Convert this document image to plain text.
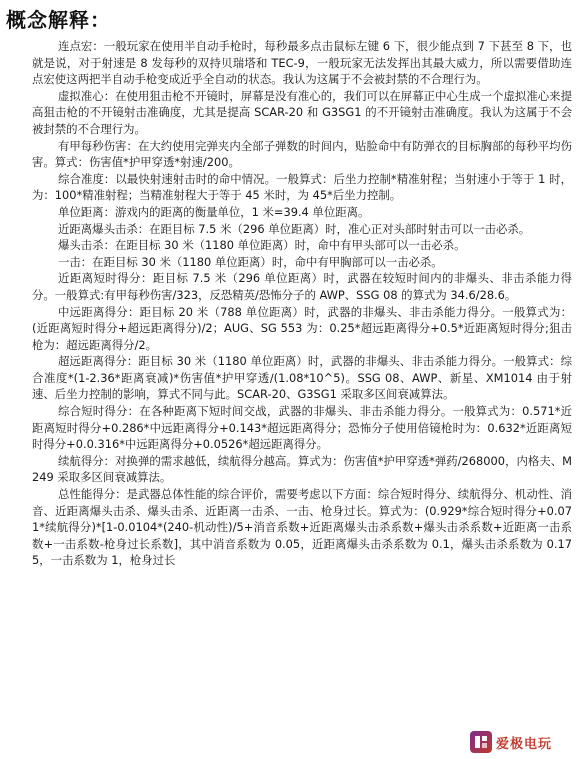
概念解释：

连点宏：一般玩家在使用半自动手枪时，每秒最多点击鼠标左键 6 下，很少能点到 7 下甚至 8 下，也就是说，对于射速是 8 发每秒的双持贝瑞塔和 TEC-9，一般玩家无法发挥出其最大威力，所以需要借助连点宏使这两把半自动手枪变成近乎全自动的状态。我认为这属于不会被封禁的不合理行为。

虚拟准心：在使用狙击枪不开镜时，屏幕是没有准心的，我们可以在屏幕正中心生成一个虚拟准心来提高狙击枪的不开镜射击准确度，尤其是提高 SCAR-20 和 G3SG1 的不开镜射击准确度。我认为这属于不会被封禁的不合理行为。

有甲每秒伤害：在大约使用完弹夹内全部子弹数的时间内，贴脸命中有防弹衣的目标胸部的每秒平均伤害。算式：伤害值*护甲穿透*射速/200。

综合准度：以最快射速射击时的命中情况。一般算式：后坐力控制*精准射程；当射速小于等于 1 时，为：100*精准射程；当精准射程大于等于 45 米时，为 45*后坐力控制。

单位距离：游戏内的距离的衡量单位，1 米=39.4 单位距离。

近距离爆头击杀：在距目标 7.5 米（296 单位距离）时，准心正对头部时射击可以一击必杀。

爆头击杀：在距目标 30 米（1180 单位距离）时，命中有甲头部可以一击必杀。

一击：在距目标 30 米（1180 单位距离）时，命中有甲胸部可以一击必杀。

近距离短时得分：距目标 7.5 米（296 单位距离）时，武器在较短时间内的非爆头、非击杀能力得分。一般算式:有甲每秒伤害/323，反恐精英/恐怖分子的 AWP、SSG 08 的算式为 34.6/28.6。

中远距离得分：距目标 20 米（788 单位距离）时，武器的非爆头、非击杀能力得分。一般算式为：(近距离短时得分+超远距离得分)/2；AUG、SG 553 为：0.25*超远距离得分+0.5*近距离短时得分;狙击枪为：超远距离得分/2。

超远距离得分：距目标 30 米（1180 单位距离）时，武器的非爆头、非击杀能力得分。一般算式：综合准度*(1-2.36*距离衰减)*伤害值*护甲穿透/(1.08*10^5)。SSG 08、AWP、新星、XM1014 由于射速、后坐力控制的影响，算式不同与此。SCAR-20、G3SG1 采取多区间衰减算法。

综合短时得分：在各种距离下短时间交战，武器的非爆头、非击杀能力得分。一般算式为：0.571*近距离短时得分+0.286*中远距离得分+0.143*超远距离得分；恐怖分子使用倍镜枪时为：0.632*近距离短时得分+0.0.316*中远距离得分+0.0526*超远距离得分。

续航得分：对换弹的需求越低，续航得分越高。算式为：伤害值*护甲穿透*弹药/268000，内格夫、M249 采取多区间衰减算法。

总性能得分：是武器总体性能的综合评价，需要考虑以下方面：综合短时得分、续航得分、机动性、消音、近距离爆头击杀、爆头击杀、近距离一击杀、一击、枪身过长。算式为：(0.929*综合短时得分+0.071*续航得分)*[1-0.0104*(240-机动性)/5+消音系数+近距离爆头击杀系数+爆头击杀系数+近距离一击系数+一击系数-枪身过长系数]，其中消音系数为 0.05，近距离爆头击杀系数为 0.1，爆头击杀系数为 0.175，一击系数为 1，枪身过长

爱极电玩
